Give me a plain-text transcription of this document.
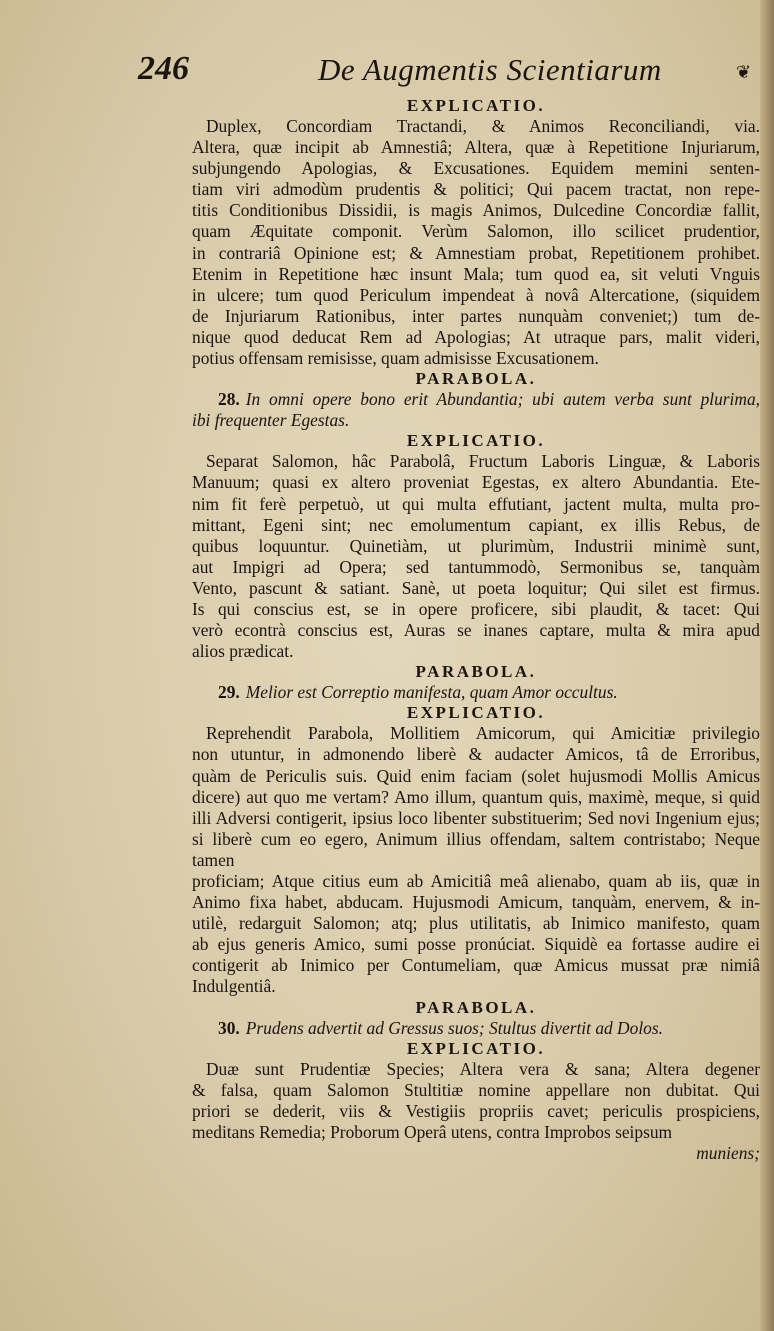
246	De Augmentis Scientiarum	❦
EXPLICATIO.
Duplex, Concordiam Tractandi, & Animos Reconciliandi, via.
Altera, quæ incipit ab Amnestiâ; Altera, quæ à Repetitione Injuriarum,
subjungendo Apologias, & Excusationes. Equidem memini senten-
tiam viri admodùm prudentis & politici; Qui pacem tractat, non repe-
titis Conditionibus Dissidii, is magis Animos, Dulcedine Concordiæ fallit,
quam Æquitate componit. Verùm Salomon, illo scilicet prudentior,
in contrariâ Opinione est; & Amnestiam probat, Repetitionem prohibet.
Etenim in Repetitione hæc insunt Mala; tum quod ea, sit veluti Vnguis
in ulcere; tum quod Periculum impendeat à novâ Altercatione, (siquidem
de Injuriarum Rationibus, inter partes nunquàm conveniet;) tum de-
nique quod deducat Rem ad Apologias; At utraque pars, malit videri,
potius offensam remisisse, quam admisisse Excusationem.
PARABOLA.
28. In omni opere bono erit Abundantia; ubi autem verba sunt plurima,
ibi frequenter Egestas.
EXPLICATIO.
Separat Salomon, hâc Parabolâ, Fructum Laboris Linguæ, & Laboris
Manuum; quasi ex altero proveniat Egestas, ex altero Abundantia. Ete-
nim fit ferè perpetuò, ut qui multa effutiant, jactent multa, multa pro-
mittant, Egeni sint; nec emolumentum capiant, ex illis Rebus, de
quibus loquuntur. Quinetiàm, ut plurimùm, Industrii minimè sunt,
aut Impigri ad Opera; sed tantummodò, Sermonibus se, tanquàm
Vento, pascunt & satiant. Sanè, ut poeta loquitur; Qui silet est firmus.
Is qui conscius est, se in opere proficere, sibi plaudit, & tacet: Qui
verò econtrà conscius est, Auras se inanes captare, multa & mira apud
alios prædicat.
PARABOLA.
29. Melior est Correptio manifesta, quam Amor occultus.
EXPLICATIO.
Reprehendit Parabola, Mollitiem Amicorum, qui Amicitiæ privilegio
non utuntur, in admonendo liberè & audacter Amicos, tâ de Erroribus,
quàm de Periculis suis. Quid enim faciam (solet hujusmodi Mollis Amicus
dicere) aut quo me vertam? Amo illum, quantum quis, maximè, meque, si quid
illi Adversi contigerit, ipsius loco libenter substituerim; Sed novi Ingenium ejus;
si liberè cum eo egero, Animum illius offendam, saltem contristabo; Neque tamen
proficiam; Atque citius eum ab Amicitiâ meâ alienabo, quam ab iis, quæ in
Animo fixa habet, abducam. Hujusmodi Amicum, tanquàm, enervem, & in-
utilè, redarguit Salomon; atq; plus utilitatis, ab Inimico manifesto, quam
ab ejus generis Amico, sumi posse pronúciat. Siquidè ea fortasse audire ei
contigerit ab Inimico per Contumeliam, quæ Amicus mussat præ nimiâ
Indulgentiâ.
PARABOLA.
30. Prudens advertit ad Gressus suos; Stultus divertit ad Dolos.
EXPLICATIO.
Duæ sunt Prudentiæ Species; Altera vera & sana; Altera degener
& falsa, quam Salomon Stultitiæ nomine appellare non dubitat. Qui
priori se dederit, viis & Vestigiis propriis cavet; periculis prospiciens,
meditans Remedia; Proborum Operâ utens, contra Improbos seipsum
muniens;
